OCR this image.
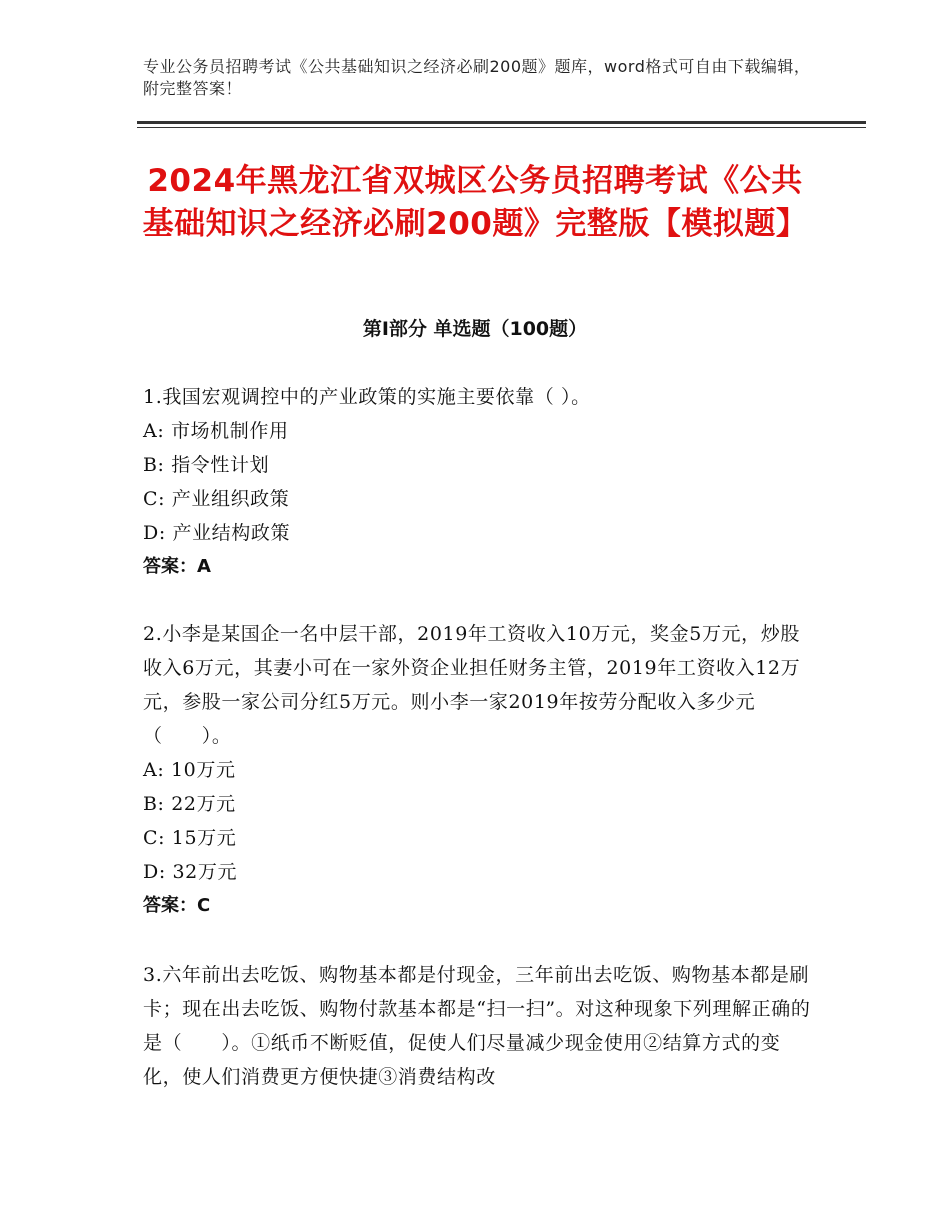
专业公务员招聘考试《公共基础知识之经济必刷200题》题库，word格式可自由下载编辑，附完整答案！
2024年黑龙江省双城区公务员招聘考试《公共基础知识之经济必刷200题》完整版【模拟题】
第Ⅰ部分 单选题（100题）
1.我国宏观调控中的产业政策的实施主要依靠（ ）。
A: 市场机制作用
B: 指令性计划
C: 产业组织政策
D: 产业结构政策
答案：A
2.小李是某国企一名中层干部，2019年工资收入10万元，奖金5万元，炒股收入6万元，其妻小可在一家外资企业担任财务主管，2019年工资收入12万元，参股一家公司分红5万元。则小李一家2019年按劳分配收入多少元（　　）。
A: 10万元
B: 22万元
C: 15万元
D: 32万元
答案：C
3.六年前出去吃饭、购物基本都是付现金，三年前出去吃饭、购物基本都是刷卡；现在出去吃饭、购物付款基本都是“扫一扫”。对这种现象下列理解正确的是（　　）。①纸币不断贬值，促使人们尽量减少现金使用②结算方式的变化，使人们消费更方便快捷③消费结构改
